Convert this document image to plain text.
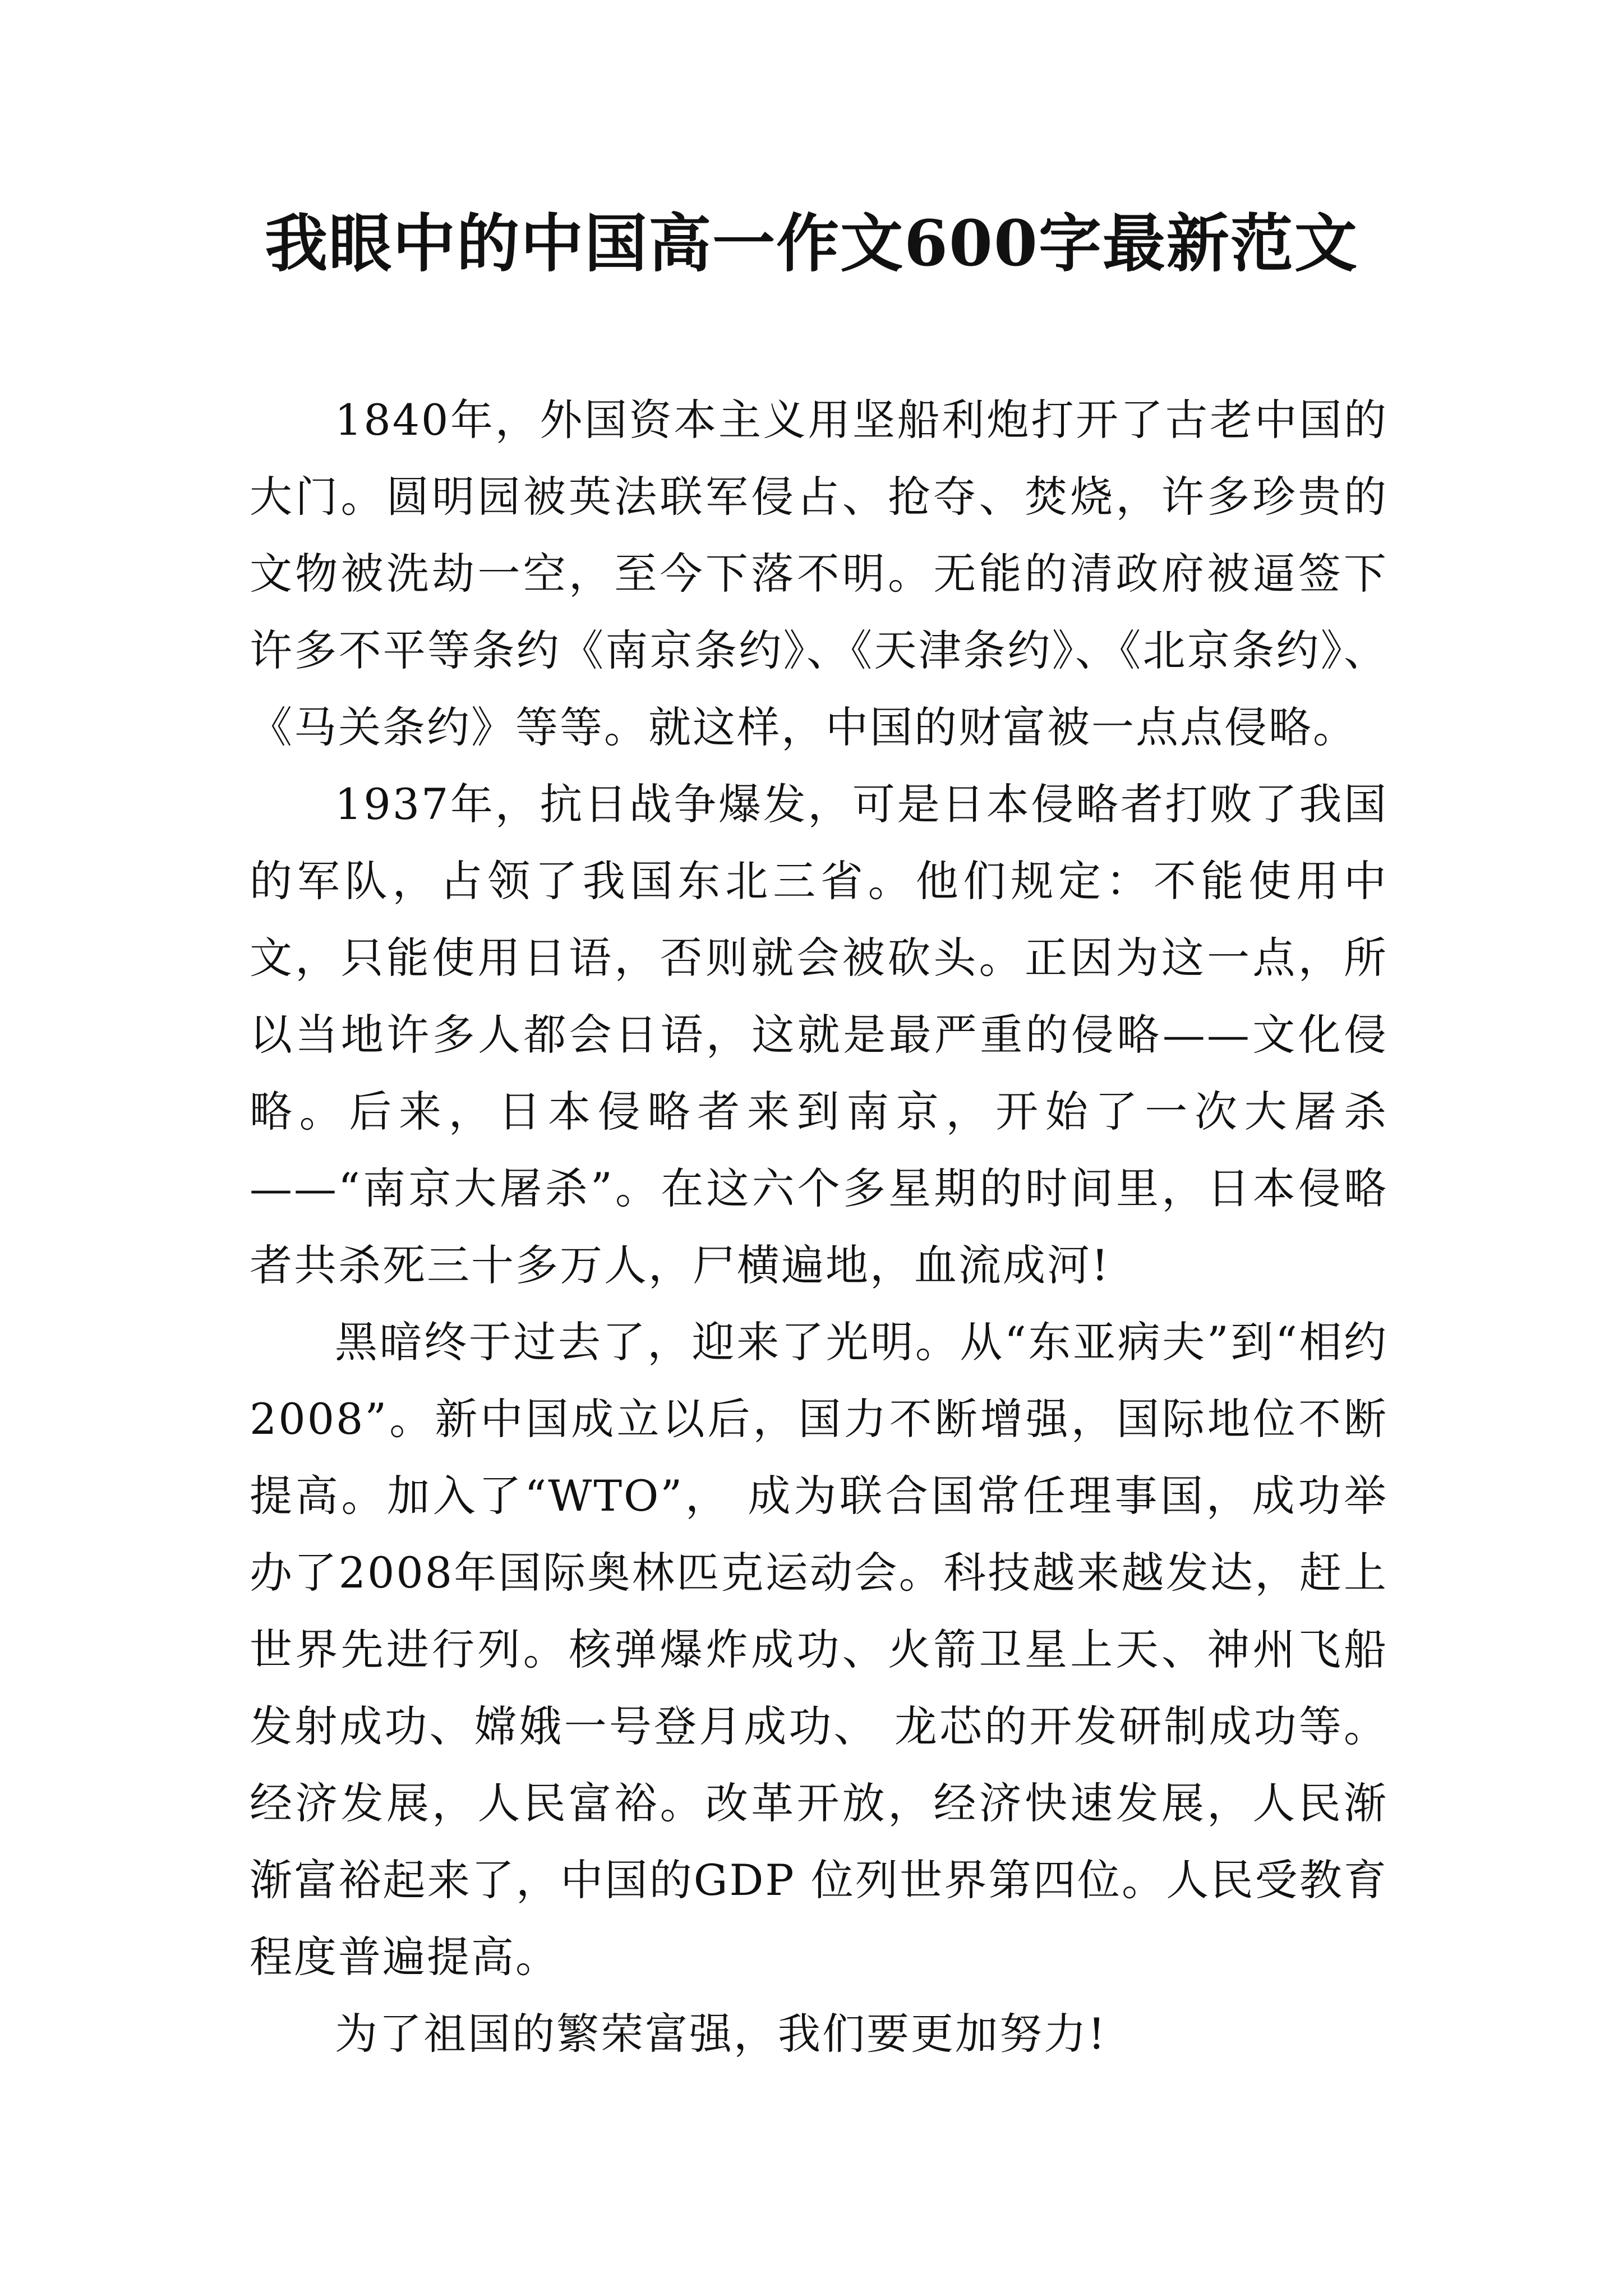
我眼中的中国高一作文600字最新范文

1840年，外国资本主义用坚船利炮打开了古老中国的大门。圆明园被英法联军侵占、抢夺、焚烧，许多珍贵的文物被洗劫一空，至今下落不明。无能的清政府被逼签下许多不平等条约《南京条约》、《天津条约》、《北京条约》、《马关条约》等等。就这样，中国的财富被一点点侵略。

1937年，抗日战争爆发，可是日本侵略者打败了我国的军队，占领了我国东北三省。他们规定：不能使用中文，只能使用日语，否则就会被砍头。正因为这一点，所以当地许多人都会日语，这就是最严重的侵略——文化侵略。后来，日本侵略者来到南京，开始了一次大屠杀——“南京大屠杀”。在这六个多星期的时间里，日本侵略者共杀死三十多万人，尸横遍地，血流成河!

黑暗终于过去了，迎来了光明。从“东亚病夫”到“相约2008”。新中国成立以后，国力不断增强，国际地位不断提高。加入了“WTO”， 成为联合国常任理事国，成功举办了2008年国际奥林匹克运动会。科技越来越发达，赶上世界先进行列。核弹爆炸成功、火箭卫星上天、神州飞船发射成功、嫦娥一号登月成功、 龙芯的开发研制成功等。经济发展，人民富裕。改革开放，经济快速发展，人民渐渐富裕起来了，中国的GDP 位列世界第四位。人民受教育程度普遍提高。

为了祖国的繁荣富强，我们要更加努力!
